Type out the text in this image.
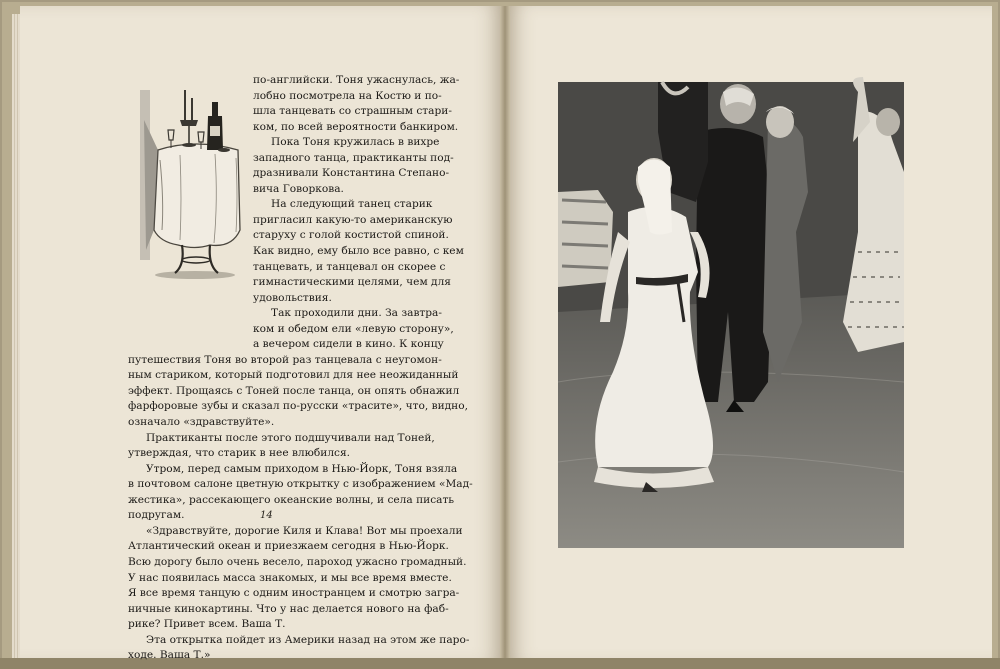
по-английски. Тоня ужаснулась, жа-
лобно посмотрела на Костю и по-
шла танцевать со страшным стари-
ком, по всей вероятности банкиром.
Пока Тоня кружилась в вихре
западного танца, практиканты под-
дразнивали Константина Степано-
вича Говоркова.
На следующий танец старик
пригласил какую-то американскую
старуху с голой костистой спиной.
Как видно, ему было все равно, с кем
танцевать, и танцевал он скорее с
гимнастическими целями, чем для
удовольствия.
Так проходили дни. За завтра-
ком и обедом ели «левую сторону»,
а вечером сидели в кино. К концу
путешествия Тоня во второй раз танцевала с неугомон-
ным стариком, который подготовил для нее неожиданный
эффект. Прощаясь с Тоней после танца, он опять обнажил
фарфоровые зубы и сказал по-русски «трасите», что, видно,
означало «здравствуйте».
Практиканты после этого подшучивали над Тоней,
утверждая, что старик в нее влюбился.
Утром, перед самым приходом в Нью-Йорк, Тоня взяла
в почтовом салоне цветную открытку с изображением «Мад-
жестика», рассекающего океанские волны, и села писать
подругам.
«Здравствуйте, дорогие Киля и Клава! Вот мы проехали
Атлантический океан и приезжаем сегодня в Нью-Йорк.
Всю дорогу было очень весело, пароход ужасно громадный.
У нас появилась масса знакомых, и мы все время вместе.
Я все время танцую с одним иностранцем и смотрю загра-
ничные кинокартины. Что у нас делается нового на фаб-
рике? Привет всем. Ваша Т.
Эта открытка пойдет из Америки назад на этом же паро-
ходе. Ваша Т.»
14
